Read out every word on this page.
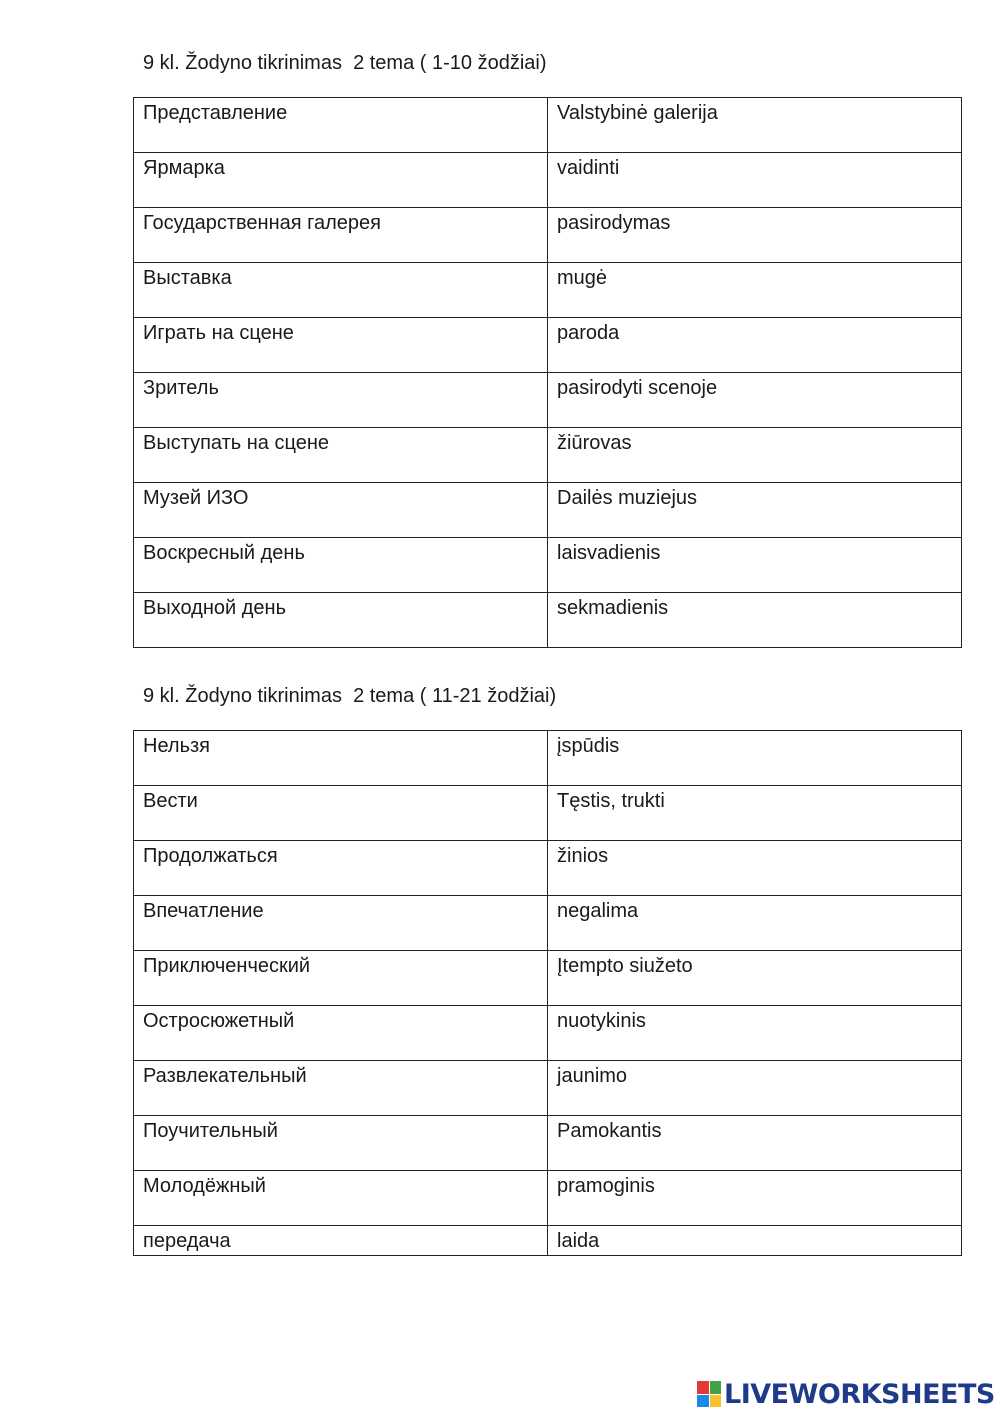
9 kl. Žodyno tikrinimas  2 tema ( 1-10 žodžiai)
Представление	Valstybinė galerija
Ярмарка	vaidinti
Государственная галерея	pasirodymas
Выставка	mugė
Играть на сцене	paroda
Зритель	pasirodyti scenoje
Выступать на сцене	žiūrovas
Музей ИЗО	Dailės muziejus
Воскресный день	laisvadienis
Выходной день	sekmadienis
9 kl. Žodyno tikrinimas  2 tema ( 11-21 žodžiai)
Нельзя	įspūdis
Вести	Tęstis, trukti
Продолжаться	žinios
Впечатление	negalima
Приключенческий	Įtempto siužeto
Остросюжетный	nuotykinis
Развлекательный	jaunimo
Поучительный	Pamokantis
Молодёжный	pramoginis
передача	laida
LIVEWORKSHEETS
